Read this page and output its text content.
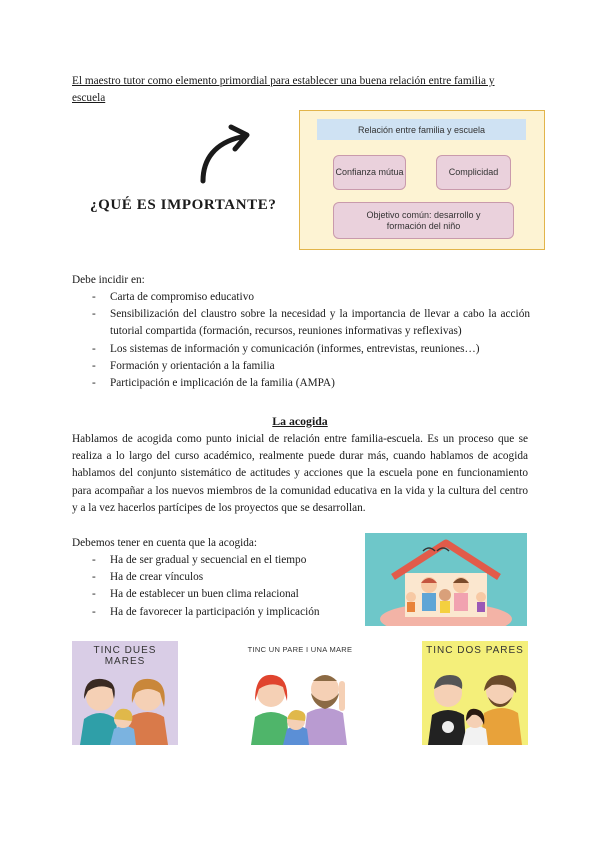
El maestro tutor como elemento primordial para establecer una buena relación entre familia y escuela
¿QUÉ ES IMPORTANTE?
Relación entre familia y escuela
Confianza mútua	Complicidad
Objetivo común: desarrollo y formación del niño
Debe incidir en:
- Carta de compromiso educativo
- Sensibilización del claustro sobre la necesidad y la importancia de llevar a cabo la acción tutorial compartida (formación, recursos, reuniones informativas y reflexivas)
- Los sistemas de información y comunicación (informes, entrevistas, reuniones…)
- Formación y orientación a la familia
- Participación e implicación de la familia (AMPA)
La acogida
Hablamos de acogida como punto inicial de relación entre familia-escuela. Es un proceso que se realiza a lo largo del curso académico, realmente puede durar más, cuando hablamos de acogida hablamos del conjunto sistemático de actitudes y acciones que la escuela pone en funcionamiento para acompañar a los nuevos miembros de la comunidad educativa en la vida y la cultura del centro y a la vez hacerlos partícipes de los proyectos que se desarrollan.
Debemos tener en cuenta que la acogida:
- Ha de ser gradual y secuencial en el tiempo
- Ha de crear vínculos
- Ha de establecer un buen clima relacional
- Ha de favorecer la participación y implicación
TINC DUES MARES
TINC UN PARE I UNA MARE	TINC DOS PARES
